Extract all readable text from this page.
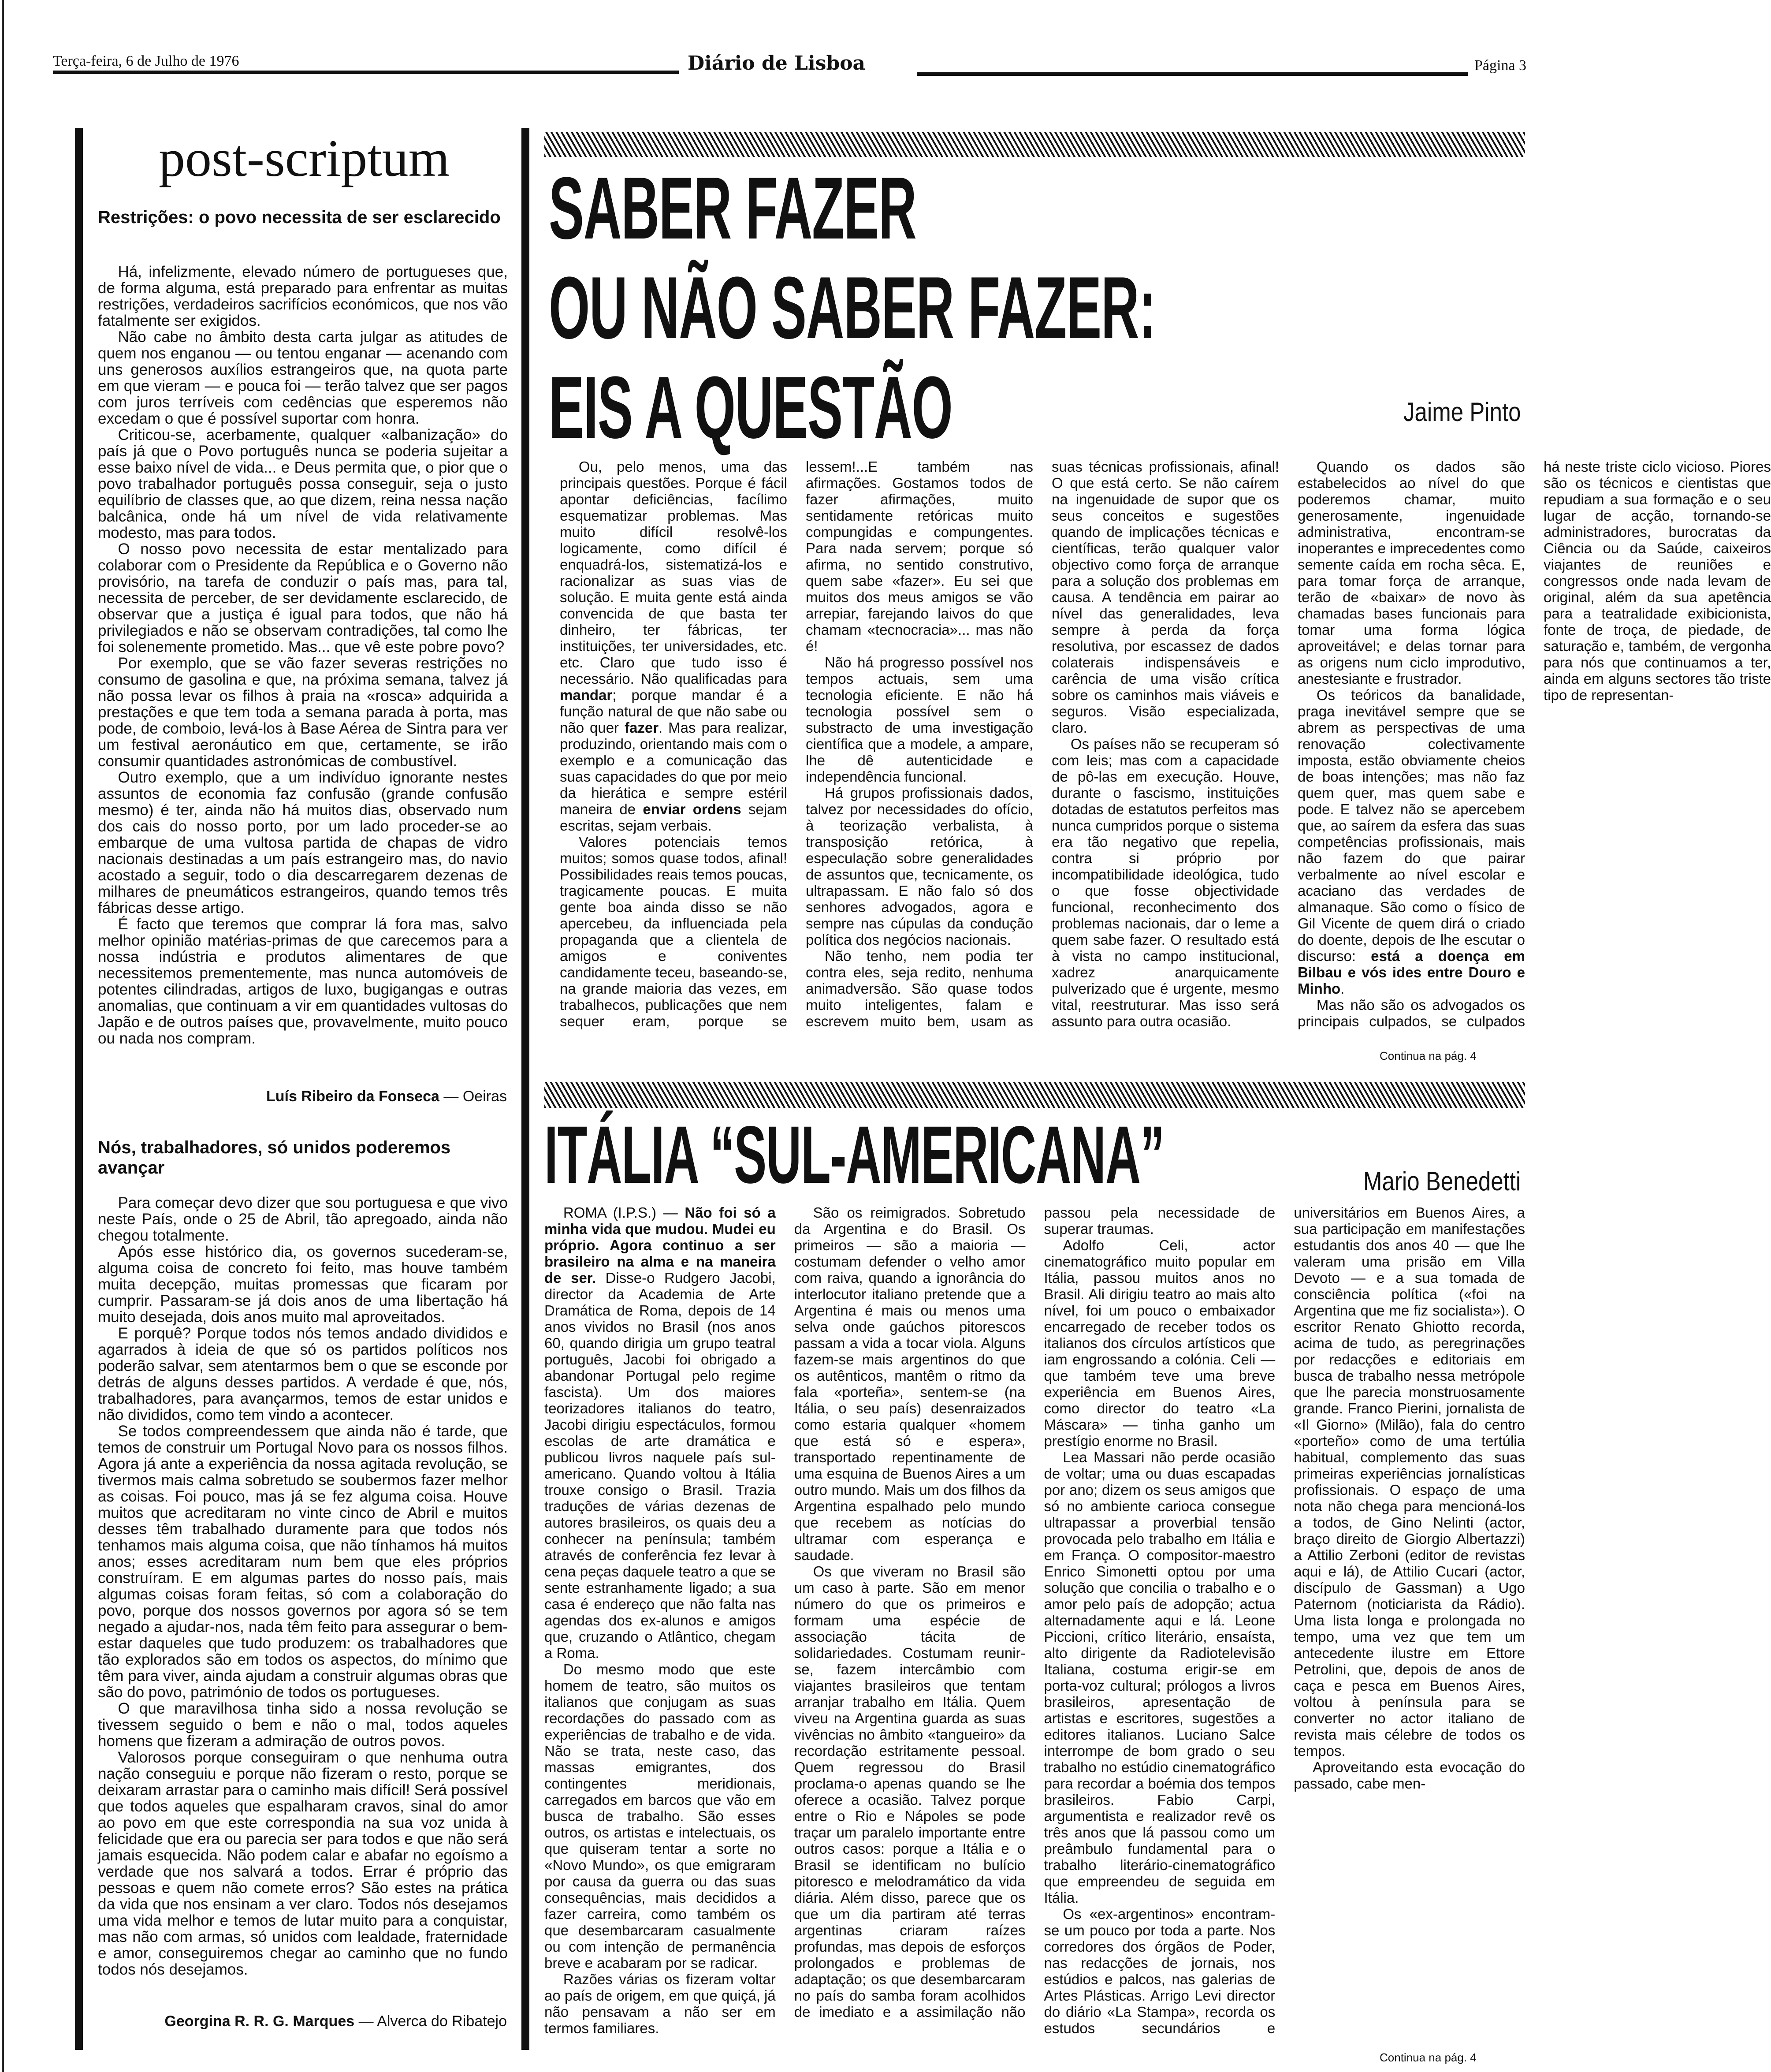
Terça-feira, 6 de Julho de 1976	Diário de Lisboa	Página 3
post-scriptum
Restrições: o povo necessita de ser esclarecido

Há, infelizmente, elevado número de portugueses que, de forma alguma, está preparado para enfrentar as muitas restrições, verdadeiros sacrifícios económicos, que nos vão fatalmente ser exigidos.

Não cabe no âmbito desta carta julgar as atitudes de quem nos enganou — ou tentou enganar — acenando com uns generosos auxílios estrangeiros que, na quota parte em que vieram — e pouca foi — terão talvez que ser pagos com juros terríveis com cedências que esperemos não excedam o que é possível suportar com honra.

Criticou-se, acerbamente, qualquer «albanização» do país já que o Povo português nunca se poderia sujeitar a esse baixo nível de vida... e Deus permita que, o pior que o povo trabalhador português possa conseguir, seja o justo equilíbrio de classes que, ao que dizem, reina nessa nação balcânica, onde há um nível de vida relativamente modesto, mas para todos.

O nosso povo necessita de estar mentalizado para colaborar com o Presidente da República e o Governo não provisório, na tarefa de conduzir o país mas, para tal, necessita de perceber, de ser devidamente esclarecido, de observar que a justiça é igual para todos, que não há privilegiados e não se observam contradições, tal como lhe foi solenemente prometido. Mas... que vê este pobre povo?

Por exemplo, que se vão fazer severas restrições no consumo de gasolina e que, na próxima semana, talvez já não possa levar os filhos à praia na «rosca» adquirida a prestações e que tem toda a semana parada à porta, mas pode, de comboio, levá-los à Base Aérea de Sintra para ver um festival aeronáutico em que, certamente, se irão consumir quantidades astronómicas de combustível.

Outro exemplo, que a um indivíduo ignorante nestes assuntos de economia faz confusão (grande confusão mesmo) é ter, ainda não há muitos dias, observado num dos cais do nosso porto, por um lado proceder-se ao embarque de uma vultosa partida de chapas de vidro nacionais destinadas a um país estrangeiro mas, do navio acostado a seguir, todo o dia descarregarem dezenas de milhares de pneumáticos estrangeiros, quando temos três fábricas desse artigo.

É facto que teremos que comprar lá fora mas, salvo melhor opinião matérias-primas de que carecemos para a nossa indústria e produtos alimentares de que necessitemos prementemente, mas nunca automóveis de potentes cilindradas, artigos de luxo, bugigangas e outras anomalias, que continuam a vir em quantidades vultosas do Japão e de outros países que, provavelmente, muito pouco ou nada nos compram.

Luís Ribeiro da Fonseca — Oeiras
Nós, trabalhadores, só unidos poderemos avançar

Para começar devo dizer que sou portuguesa e que vivo neste País, onde o 25 de Abril, tão apregoado, ainda não chegou totalmente.

Após esse histórico dia, os governos sucederam-se, alguma coisa de concreto foi feito, mas houve também muita decepção, muitas promessas que ficaram por cumprir. Passaram-se já dois anos de uma libertação há muito desejada, dois anos muito mal aproveitados.

E porquê? Porque todos nós temos andado divididos e agarrados à ideia de que só os partidos políticos nos poderão salvar, sem atentarmos bem o que se esconde por detrás de alguns desses partidos. A verdade é que, nós, trabalhadores, para avançarmos, temos de estar unidos e não divididos, como tem vindo a acontecer.

Se todos compreendessem que ainda não é tarde, que temos de construir um Portugal Novo para os nossos filhos. Agora já ante a experiência da nossa agitada revolução, se tivermos mais calma sobretudo se soubermos fazer melhor as coisas. Foi pouco, mas já se fez alguma coisa. Houve muitos que acreditaram no vinte cinco de Abril e muitos desses têm trabalhado duramente para que todos nós tenhamos mais alguma coisa, que não tínhamos há muitos anos; esses acreditaram num bem que eles próprios construíram. E em algumas partes do nosso país, mais algumas coisas foram feitas, só com a colaboração do povo, porque dos nossos governos por agora só se tem negado a ajudar-nos, nada têm feito para assegurar o bem-estar daqueles que tudo produzem: os trabalhadores que tão explorados são em todos os aspectos, do mínimo que têm para viver, ainda ajudam a construir algumas obras que são do povo, património de todos os portugueses.

O que maravilhosa tinha sido a nossa revolução se tivessem seguido o bem e não o mal, todos aqueles homens que fizeram a admiração de outros povos.

Valorosos porque conseguiram o que nenhuma outra nação conseguiu e porque não fizeram o resto, porque se deixaram arrastar para o caminho mais difícil! Será possível que todos aqueles que espalharam cravos, sinal do amor ao povo em que este correspondia na sua voz unida à felicidade que era ou parecia ser para todos e que não será jamais esquecida. Não podem calar e abafar no egoísmo a verdade que nos salvará a todos. Errar é próprio das pessoas e quem não comete erros? São estes na prática da vida que nos ensinam a ver claro. Todos nós desejamos uma vida melhor e temos de lutar muito para a conquistar, mas não com armas, só unidos com lealdade, fraternidade e amor, conseguiremos chegar ao caminho que no fundo todos nós desejamos.

Georgina R. R. G. Marques — Alverca do Ribatejo
SABER FAZER
OU NÃO SABER FAZER:
EIS A QUESTÃO	Jaime Pinto

Ou, pelo menos, uma das principais questões. Porque é fácil apontar deficiências, facílimo esquematizar problemas. Mas muito difícil resolvê-los logicamente, como difícil é enquadrá-los, sistematizá-los e racionalizar as suas vias de solução. E muita gente está ainda convencida de que basta ter dinheiro, ter fábricas, ter instituições, ter universidades, etc. etc. Claro que tudo isso é necessário. Não qualificadas para mandar; porque mandar é a função natural de que não sabe ou não quer fazer. Mas para realizar, produzindo, orientando mais com o exemplo e a comunicação das suas capacidades do que por meio da hierática e sempre estéril maneira de enviar ordens sejam escritas, sejam verbais.

Valores potenciais temos muitos; somos quase todos, afinal! Possibilidades reais temos poucas, tragicamente poucas. E muita gente boa ainda disso se não apercebeu, da influenciada pela propaganda que a clientela de amigos e coniventes candidamente teceu, baseando-se, na grande maioria das vezes, em trabalhecos, publicações que nem sequer eram, porque se lessem!...E também nas afirmações. Gostamos todos de fazer afirmações, muito sentidamente retóricas muito compungidas e compungentes. Para nada servem; porque só afirma, no sentido construtivo, quem sabe «fazer». Eu sei que muitos dos meus amigos se vão arrepiar, farejando laivos do que chamam «tecnocracia»... mas não é!

Não há progresso possível nos tempos actuais, sem uma tecnologia eficiente. E não há tecnologia possível sem o substracto de uma investigação científica que a modele, a ampare, lhe dê autenticidade e independência funcional.

Há grupos profissionais dados, talvez por necessidades do ofício, à teorização verbalista, à transposição retórica, à especulação sobre generalidades de assuntos que, tecnicamente, os ultrapassam. E não falo só dos senhores advogados, agora e sempre nas cúpulas da condução política dos negócios nacionais.

Não tenho, nem podia ter contra eles, seja redito, nenhuma animadversão. São quase todos muito inteligentes, falam e escrevem muito bem, usam as suas técnicas profissionais, afinal! O que está certo. Se não caírem na ingenuidade de supor que os seus conceitos e sugestões quando de implicações técnicas e científicas, terão qualquer valor objectivo como força de arranque para a solução dos problemas em causa. A tendência em pairar ao nível das generalidades, leva sempre à perda da força resolutiva, por escassez de dados colaterais indispensáveis e carência de uma visão crítica sobre os caminhos mais viáveis e seguros. Visão especializada, claro.

Os países não se recuperam só com leis; mas com a capacidade de pô-las em execução. Houve, durante o fascismo, instituições dotadas de estatutos perfeitos mas nunca cumpridos porque o sistema era tão negativo que repelia, contra si próprio por incompatibilidade ideológica, tudo o que fosse objectividade funcional, reconhecimento dos problemas nacionais, dar o leme a quem sabe fazer. O resultado está à vista no campo institucional, xadrez anarquicamente pulverizado que é urgente, mesmo vital, reestruturar. Mas isso será assunto para outra ocasião.

Quando os dados são estabelecidos ao nível do que poderemos chamar, muito generosamente, ingenuidade administrativa, encontram-se inoperantes e imprecedentes como semente caída em rocha sêca. E, para tomar força de arranque, terão de «baixar» de novo às chamadas bases funcionais para tomar uma forma lógica aproveitável; e delas tornar para as origens num ciclo improdutivo, anestesiante e frustrador.

Os teóricos da banalidade, praga inevitável sempre que se abrem as perspectivas de uma renovação colectivamente imposta, estão obviamente cheios de boas intenções; mas não faz quem quer, mas quem sabe e pode. E talvez não se apercebem que, ao saírem da esfera das suas competências profissionais, mais não fazem do que pairar verbalmente ao nível escolar e acaciano das verdades de almanaque. São como o físico de Gil Vicente de quem dirá o criado do doente, depois de lhe escutar o discurso: está a doença em Bilbau e vós ides entre Douro e Minho.

Mas não são os advogados os principais culpados, se culpados há neste triste ciclo vicioso. Piores são os técnicos e cientistas que repudiam a sua formação e o seu lugar de acção, tornando-se administradores, burocratas da Ciência ou da Saúde, caixeiros viajantes de reuniões e congressos onde nada levam de original, além da sua apetência para a teatralidade exibicionista, fonte de troça, de piedade, de saturação e, também, de vergonha para nós que continuamos a ter, ainda em alguns sectores tão triste tipo de representan-

Continua na pág. 4
ITÁLIA “SUL-AMERICANA”	Mario Benedetti

ROMA (I.P.S.) — Não foi só a minha vida que mudou. Mudei eu próprio. Agora continuo a ser brasileiro na alma e na maneira de ser. Disse-o Rudgero Jacobi, director da Academia de Arte Dramática de Roma, depois de 14 anos vividos no Brasil (nos anos 60, quando dirigia um grupo teatral português, Jacobi foi obrigado a abandonar Portugal pelo regime fascista). Um dos maiores teorizadores italianos do teatro, Jacobi dirigiu espectáculos, formou escolas de arte dramática e publicou livros naquele país sul-americano. Quando voltou à Itália trouxe consigo o Brasil. Trazia traduções de várias dezenas de autores brasileiros, os quais deu a conhecer na península; também através de conferência fez levar à cena peças daquele teatro a que se sente estranhamente ligado; a sua casa é endereço que não falta nas agendas dos ex-alunos e amigos que, cruzando o Atlântico, chegam a Roma.

Do mesmo modo que este homem de teatro, são muitos os italianos que conjugam as suas recordações do passado com as experiências de trabalho e de vida. Não se trata, neste caso, das massas emigrantes, dos contingentes meridionais, carregados em barcos que vão em busca de trabalho. São esses outros, os artistas e intelectuais, os que quiseram tentar a sorte no «Novo Mundo», os que emigraram por causa da guerra ou das suas consequências, mais decididos a fazer carreira, como também os que desembarcaram casualmente ou com intenção de permanência breve e acabaram por se radicar.

Razões várias os fizeram voltar ao país de origem, em que quiçá, já não pensavam a não ser em termos familiares.

São os reimigrados. Sobretudo da Argentina e do Brasil. Os primeiros — são a maioria — costumam defender o velho amor com raiva, quando a ignorância do interlocutor italiano pretende que a Argentina é mais ou menos uma selva onde gaúchos pitorescos passam a vida a tocar viola. Alguns fazem-se mais argentinos do que os autênticos, mantêm o ritmo da fala «porteña», sentem-se (na Itália, o seu país) desenraizados como estaria qualquer «homem que está só e espera», transportado repentinamente de uma esquina de Buenos Aires a um outro mundo. Mais um dos filhos da Argentina espalhado pelo mundo que recebem as notícias do ultramar com esperança e saudade.

Os que viveram no Brasil são um caso à parte. São em menor número do que os primeiros e formam uma espécie de associação tácita de solidariedades. Costumam reunir-se, fazem intercâmbio com viajantes brasileiros que tentam arranjar trabalho em Itália. Quem viveu na Argentina guarda as suas vivências no âmbito «tangueiro» da recordação estritamente pessoal. Quem regressou do Brasil proclama-o apenas quando se lhe oferece a ocasião. Talvez porque entre o Rio e Nápoles se pode traçar um paralelo importante entre outros casos: porque a Itália e o Brasil se identificam no bulício pitoresco e melodramático da vida diária. Além disso, parece que os que um dia partiram até terras argentinas criaram raízes profundas, mas depois de esforços prolongados e problemas de adaptação; os que desembarcaram no país do samba foram acolhidos de imediato e a assimilação não passou pela necessidade de superar traumas.

Adolfo Celi, actor cinematográfico muito popular em Itália, passou muitos anos no Brasil. Ali dirigiu teatro ao mais alto nível, foi um pouco o embaixador encarregado de receber todos os italianos dos círculos artísticos que iam engrossando a colónia. Celi — que também teve uma breve experiência em Buenos Aires, como director do teatro «La Máscara» — tinha ganho um prestígio enorme no Brasil.

Lea Massari não perde ocasião de voltar; uma ou duas escapadas por ano; dizem os seus amigos que só no ambiente carioca consegue ultrapassar a proverbial tensão provocada pelo trabalho em Itália e em França. O compositor-maestro Enrico Simonetti optou por uma solução que concilia o trabalho e o amor pelo país de adopção; actua alternadamente aqui e lá. Leone Piccioni, crítico literário, ensaísta, alto dirigente da Radiotelevisão Italiana, costuma erigir-se em porta-voz cultural; prólogos a livros brasileiros, apresentação de artistas e escritores, sugestões a editores italianos. Luciano Salce interrompe de bom grado o seu trabalho no estúdio cinematográfico para recordar a boémia dos tempos brasileiros. Fabio Carpi, argumentista e realizador revê os três anos que lá passou como um preâmbulo fundamental para o trabalho literário-cinematográfico que empreendeu de seguida em Itália.

Os «ex-argentinos» encontram-se um pouco por toda a parte. Nos corredores dos órgãos de Poder, nas redacções de jornais, nos estúdios e palcos, nas galerias de Artes Plásticas. Arrigo Levi director do diário «La Stampa», recorda os estudos secundários e universitários em Buenos Aires, a sua participação em manifestações estudantis dos anos 40 — que lhe valeram uma prisão em Villa Devoto — e a sua tomada de consciência política («foi na Argentina que me fiz socialista»). O escritor Renato Ghiotto recorda, acima de tudo, as peregrinações por redacções e editoriais em busca de trabalho nessa metrópole que lhe parecia monstruosamente grande. Franco Pierini, jornalista de «Il Giorno» (Milão), fala do centro «porteño» como de uma tertúlia habitual, complemento das suas primeiras experiências jornalísticas profissionais. O espaço de uma nota não chega para mencioná-los a todos, de Gino Nelinti (actor, braço direito de Giorgio Albertazzi) a Attilio Zerboni (editor de revistas aqui e lá), de Attilio Cucari (actor, discípulo de Gassman) a Ugo Paternom (noticiarista da Rádio). Uma lista longa e prolongada no tempo, uma vez que tem um antecedente ilustre em Ettore Petrolini, que, depois de anos de caça e pesca em Buenos Aires, voltou à península para se converter no actor italiano de revista mais célebre de todos os tempos.

Aproveitando esta evocação do passado, cabe men-

Continua na pág. 4
